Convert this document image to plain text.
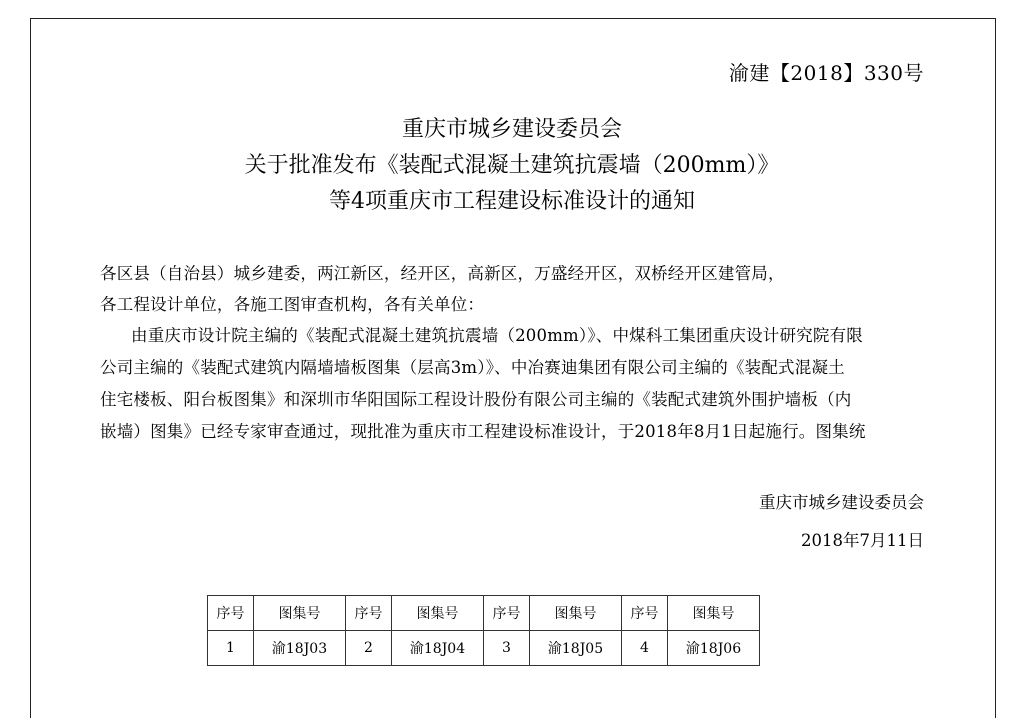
渝建【2018】330号
重庆市城乡建设委员会
关于批准发布《装配式混凝土建筑抗震墙（200mm）》
等4项重庆市工程建设标准设计的通知
各区县（自治县）城乡建委，两江新区，经开区，高新区，万盛经开区，双桥经开区建管局，
各工程设计单位，各施工图审查机构，各有关单位：
由重庆市设计院主编的《装配式混凝土建筑抗震墙（200mm）》、中煤科工集团重庆设计研究院有限
公司主编的《装配式建筑内隔墙墙板图集（层高3m）》、中冶赛迪集团有限公司主编的《装配式混凝土
住宅楼板、阳台板图集》和深圳市华阳国际工程设计股份有限公司主编的《装配式建筑外围护墙板（内
嵌墙）图集》已经专家审查通过，现批准为重庆市工程建设标准设计，于2018年8月1日起施行。图集统
重庆市城乡建设委员会
2018年7月11日
序号	图集号	序号	图集号	序号	图集号	序号	图集号
1	渝18J03	2	渝18J04	3	渝18J05	4	渝18J06
